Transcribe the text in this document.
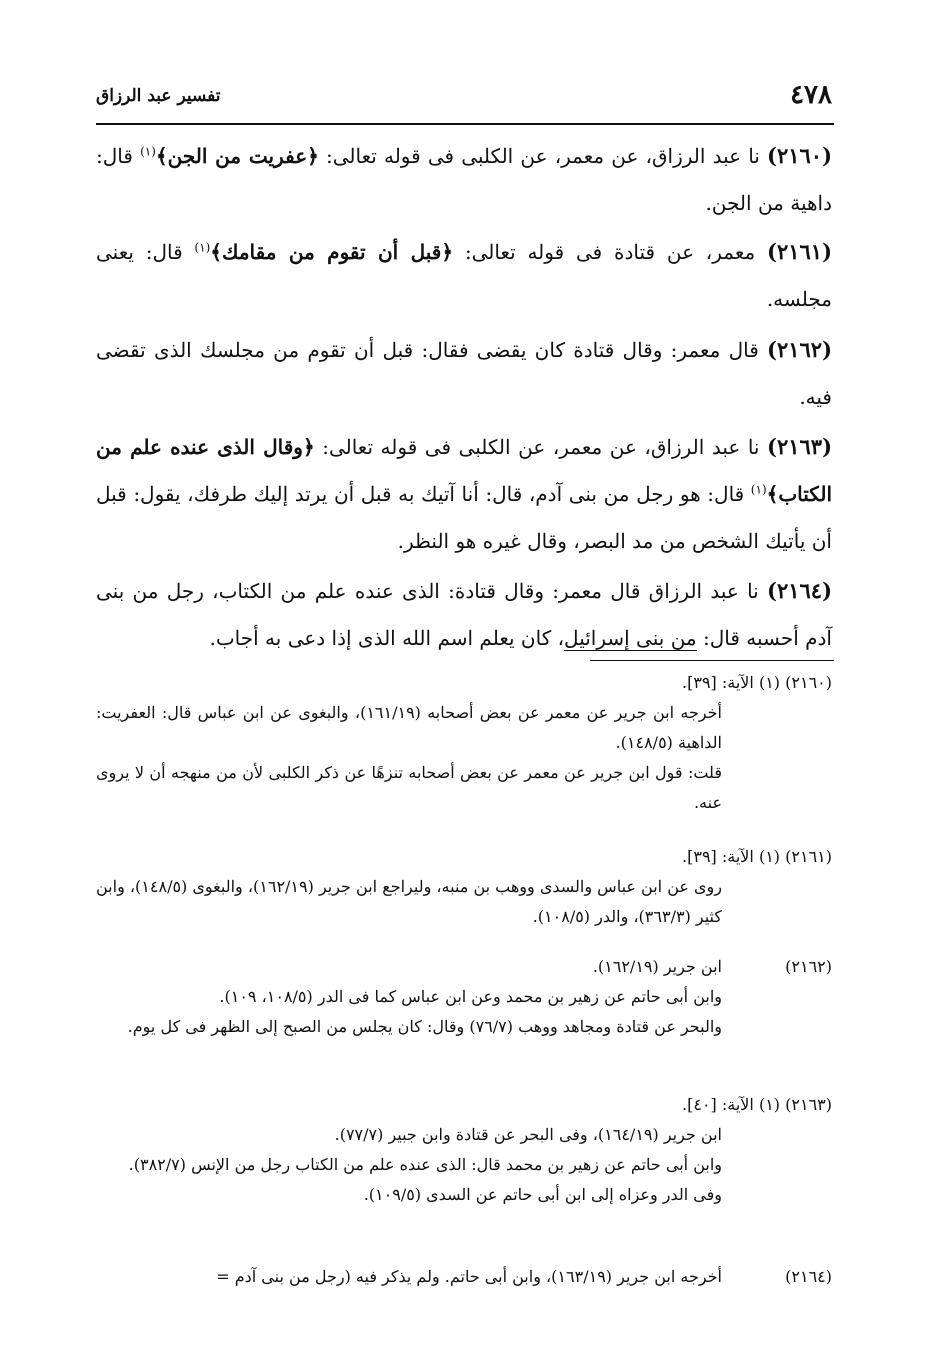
٤٧٨
تفسير عبد الرزاق
(٢١٦٠) نا عبد الرزاق، عن معمر، عن الكلبى فى قوله تعالى: ﴿عفريت من الجن﴾$^{(١)}$ قال: داهية من الجن.
(٢١٦١) معمر، عن قتادة فى قوله تعالى: ﴿قبل أن تقوم من مقامك﴾$^{(١)}$ قال: يعنى مجلسه.
(٢١٦٢) قال معمر: وقال قتادة كان يقضى فقال: قبل أن تقوم من مجلسك الذى تقضى فيه.
(٢١٦٣) نا عبد الرزاق، عن معمر، عن الكلبى فى قوله تعالى: ﴿وقال الذى عنده علم من الكتاب﴾$^{(١)}$ قال: هو رجل من بنى آدم، قال: أنا آتيك به قبل أن يرتد إليك طرفك، يقول: قبل أن يأتيك الشخص من مد البصر، وقال غيره هو النظر.
(٢١٦٤) نا عبد الرزاق قال معمر: وقال قتادة: الذى عنده علم من الكتاب، رجل من بنى آدم أحسبه قال: من بنى إسرائيل، كان يعلم اسم الله الذى إذا دعى به أجاب.
(٢١٦٠) (١) الآية: [٣٩].
أخرجه ابن جرير عن معمر عن بعض أصحابه (١٦١/١٩)، والبغوى عن ابن عباس قال: العفريت: الداهية (١٤٨/٥).
قلت: قول ابن جرير عن معمر عن بعض أصحابه تنزهًا عن ذكر الكلبى لأن من منهجه أن لا يروى عنه.
(٢١٦١) (١) الآية: [٣٩].
روى عن ابن عباس والسدى ووهب بن منبه، وليراجع ابن جرير (١٦٢/١٩)، والبغوى (١٤٨/٥)، وابن كثير (٣٦٣/٣)، والدر (١٠٨/٥).
(٢١٦٢)ابن جرير (١٦٢/١٩).
وابن أبى حاتم عن زهير بن محمد وعن ابن عباس كما فى الدر (١٠٨/٥، ١٠٩).
والبحر عن قتادة ومجاهد ووهب (٧٦/٧) وقال: كان يجلس من الصبح إلى الظهر فى كل يوم.
(٢١٦٣) (١) الآية: [٤٠].
ابن جرير (١٦٤/١٩)، وفى البحر عن قتادة وابن جبير (٧٧/٧).
وابن أبى حاتم عن زهير بن محمد قال: الذى عنده علم من الكتاب رجل من الإنس (٣٨٢/٧).
وفى الدر وعزاه إلى ابن أبى حاتم عن السدى (١٠٩/٥).
(٢١٦٤)أخرجه ابن جرير (١٦٣/١٩)، وابن أبى حاتم. ولم يذكر فيه (رجل من بنى آدم =
